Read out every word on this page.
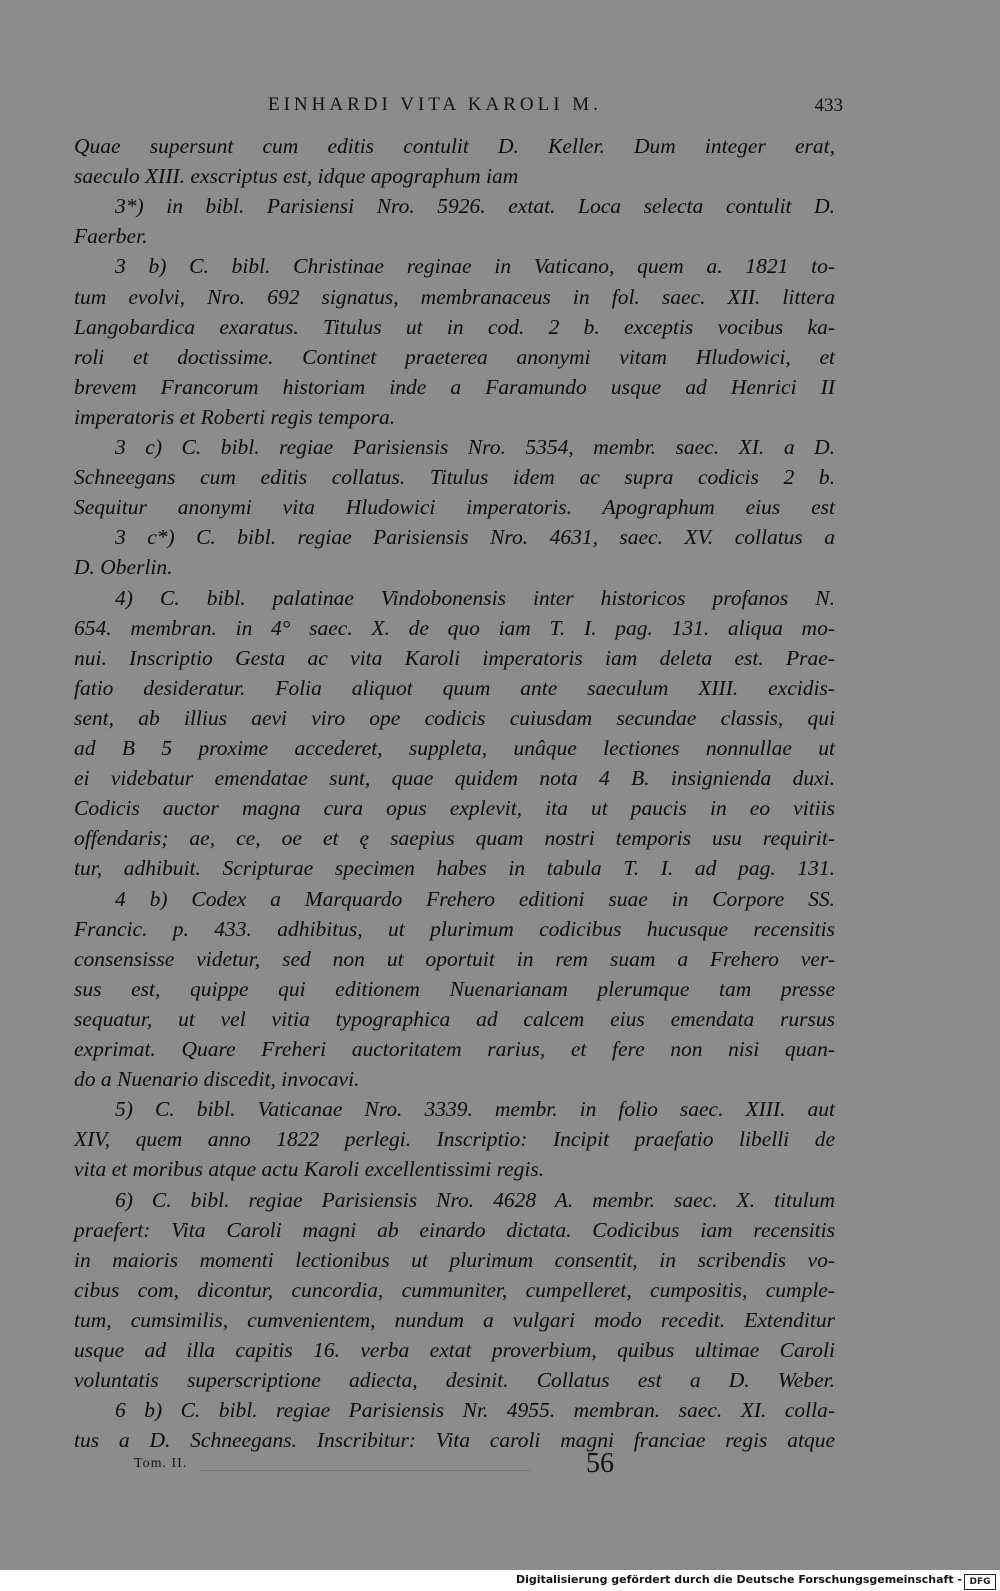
EINHARDI VITA KAROLI M.	433
Quae supersunt cum editis contulit D. Keller. Dum integer erat,
saeculo XIII. exscriptus est, idque apographum iam
3*) in bibl. Parisiensi Nro. 5926. extat. Loca selecta contulit D.
Faerber.
3 b) C. bibl. Christinae reginae in Vaticano, quem a. 1821 to-
tum evolvi, Nro. 692 signatus, membranaceus in fol. saec. XII. littera
Langobardica exaratus. Titulus ut in cod. 2 b. exceptis vocibus ka-
roli et doctissime. Continet praeterea anonymi vitam Hludowici, et
brevem Francorum historiam inde a Faramundo usque ad Henrici II
imperatoris et Roberti regis tempora.
3 c) C. bibl. regiae Parisiensis Nro. 5354, membr. saec. XI. a D.
Schneegans cum editis collatus. Titulus idem ac supra codicis 2 b.
Sequitur anonymi vita Hludowici imperatoris. Apographum eius est
3 c*) C. bibl. regiae Parisiensis Nro. 4631, saec. XV. collatus a
D. Oberlin.
4) C. bibl. palatinae Vindobonensis inter historicos profanos N.
654. membran. in 4° saec. X. de quo iam T. I. pag. 131. aliqua mo-
nui. Inscriptio Gesta ac vita Karoli imperatoris iam deleta est. Prae-
fatio desideratur. Folia aliquot quum ante saeculum XIII. excidis-
sent, ab illius aevi viro ope codicis cuiusdam secundae classis, qui
ad B 5 proxime accederet, suppleta, unâque lectiones nonnullae ut
ei videbatur emendatae sunt, quae quidem nota 4 B. insignienda duxi.
Codicis auctor magna cura opus explevit, ita ut paucis in eo vitiis
offendaris; ae, ce, oe et ę saepius quam nostri temporis usu requirit-
tur, adhibuit. Scripturae specimen habes in tabula T. I. ad pag. 131.
4 b) Codex a Marquardo Frehero editioni suae in Corpore SS.
Francic. p. 433. adhibitus, ut plurimum codicibus hucusque recensitis
consensisse videtur, sed non ut oportuit in rem suam a Frehero ver-
sus est, quippe qui editionem Nuenarianam plerumque tam presse
sequatur, ut vel vitia typographica ad calcem eius emendata rursus
exprimat. Quare Freheri auctoritatem rarius, et fere non nisi quan-
do a Nuenario discedit, invocavi.
5) C. bibl. Vaticanae Nro. 3339. membr. in folio saec. XIII. aut
XIV, quem anno 1822 perlegi. Inscriptio: Incipit praefatio libelli de
vita et moribus atque actu Karoli excellentissimi regis.
6) C. bibl. regiae Parisiensis Nro. 4628 A. membr. saec. X. titulum
praefert: Vita Caroli magni ab einardo dictata. Codicibus iam recensitis
in maioris momenti lectionibus ut plurimum consentit, in scribendis vo-
cibus com, dicontur, cuncordia, cummuniter, cumpelleret, cumpositis, cumple-
tum, cumsimilis, cumvenientem, nundum a vulgari modo recedit. Extenditur
usque ad illa capitis 16. verba extat proverbium, quibus ultimae Caroli
voluntatis superscriptione adiecta, desinit. Collatus est a D. Weber.
6 b) C. bibl. regiae Parisiensis Nr. 4955. membran. saec. XI. colla-
tus a D. Schneegans. Inscribitur: Vita caroli magni franciae regis atque
Tom. II.	56
Digitalisierung gefördert durch die Deutsche Forschungsgemeinschaft - DFG
